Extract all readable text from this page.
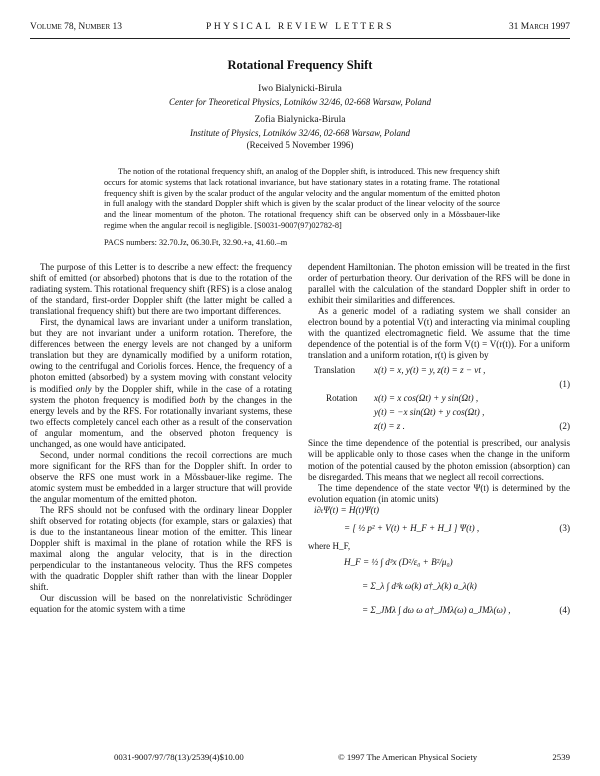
Volume 78, Number 13	PHYSICAL REVIEW LETTERS	31 March 1997
Rotational Frequency Shift
Iwo Bialynicki-Birula
Center for Theoretical Physics, Lotników 32/46, 02-668 Warsaw, Poland
Zofia Bialynicka-Birula
Institute of Physics, Lotników 32/46, 02-668 Warsaw, Poland
(Received 5 November 1996)

The notion of the rotational frequency shift, an analog of the Doppler shift, is introduced. This new frequency shift occurs for atomic systems that lack rotational invariance, but have stationary states in a rotating frame. The rotational frequency shift is given by the scalar product of the angular velocity and the angular momentum of the emitted photon in full analogy with the standard Doppler shift which is given by the scalar product of the linear velocity of the source and the linear momentum of the photon. The rotational frequency shift can be observed only in a Mössbauer-like regime when the angular recoil is negligible. [S0031-9007(97)02782-8]

PACS numbers: 32.70.Jz, 06.30.Ft, 32.90.+a, 41.60.–m

The purpose of this Letter is to describe a new effect: the frequency shift of emitted (or absorbed) photons that is due to the rotation of the radiating system. This rotational frequency shift (RFS) is a close analog of the standard, first-order Doppler shift (the latter might be called a translational frequency shift) but there are two important differences.

First, the dynamical laws are invariant under a uniform translation, but they are not invariant under a uniform rotation. Therefore, the differences between the energy levels are not changed by a uniform translation but they are dynamically modified by a uniform rotation, owing to the centrifugal and Coriolis forces. Hence, the frequency of a photon emitted (absorbed) by a system moving with constant velocity is modified only by the Doppler shift, while in the case of a rotating system the photon frequency is modified both by the changes in the energy levels and by the RFS. For rotationally invariant systems, these two effects completely cancel each other as a result of the conservation of angular momentum, and the observed photon frequency is unchanged, as one would have anticipated.

Second, under normal conditions the recoil corrections are much more significant for the RFS than for the Doppler shift. In order to observe the RFS one must work in a Mössbauer-like regime. The atomic system must be embedded in a larger structure that will provide the angular momentum of the emitted photon.

The RFS should not be confused with the ordinary linear Doppler shift observed for rotating objects (for example, stars or galaxies) that is due to the instantaneous linear motion of the emitter. This linear Doppler shift is maximal in the plane of rotation while the RFS is maximal along the angular velocity, that is in the direction perpendicular to the instantaneous velocity. Thus the RFS competes with the quadratic Doppler shift rather than with the linear Doppler shift.

Our discussion will be based on the nonrelativistic Schrödinger equation for the atomic system with a time

dependent Hamiltonian. The photon emission will be treated in the first order of perturbation theory. Our derivation of the RFS will be done in parallel with the calculation of the standard Doppler shift in order to exhibit their similarities and differences.

As a generic model of a radiating system we shall consider an electron bound by a potential V(t) and interacting via minimal coupling with the quantized electromagnetic field. We assume that the time dependence of the potential is of the form V(t) = V(r(t)). For a uniform translation and a uniform rotation, r(t) is given by

Translation x(t) = x, y(t) = y, z(t) = z − vt ,
(1)
Rotation x(t) = x cos(Ωt) + y sin(Ωt) ,
y(t) = −x sin(Ωt) + y cos(Ωt) ,
z(t) = z .	(2)

Since the time dependence of the potential is prescribed, our analysis will be applicable only to those cases when the change in the uniform motion of the potential caused by the photon emission (absorption) can be disregarded. This means that we neglect all recoil corrections.

The time dependence of the state vector Ψ(t) is determined by the evolution equation (in atomic units)

i∂ₜΨ(t) = H(t)Ψ(t)
= [ ½ p² + V(t) + H_F + H_I ] Ψ(t) ,	(3)

where H_F,

H_F = ½ ∫ d³x (D²/ε₀ + B²/μ₀)
= Σ_λ ∫ d³k ω(k) a†_λ(k) a_λ(k)
= Σ_JMλ ∫ dω ω a†_JMλ(ω) a_JMλ(ω) ,	(4)
0031-9007/97/78(13)/2539(4)$10.00	© 1997 The American Physical Society	2539
